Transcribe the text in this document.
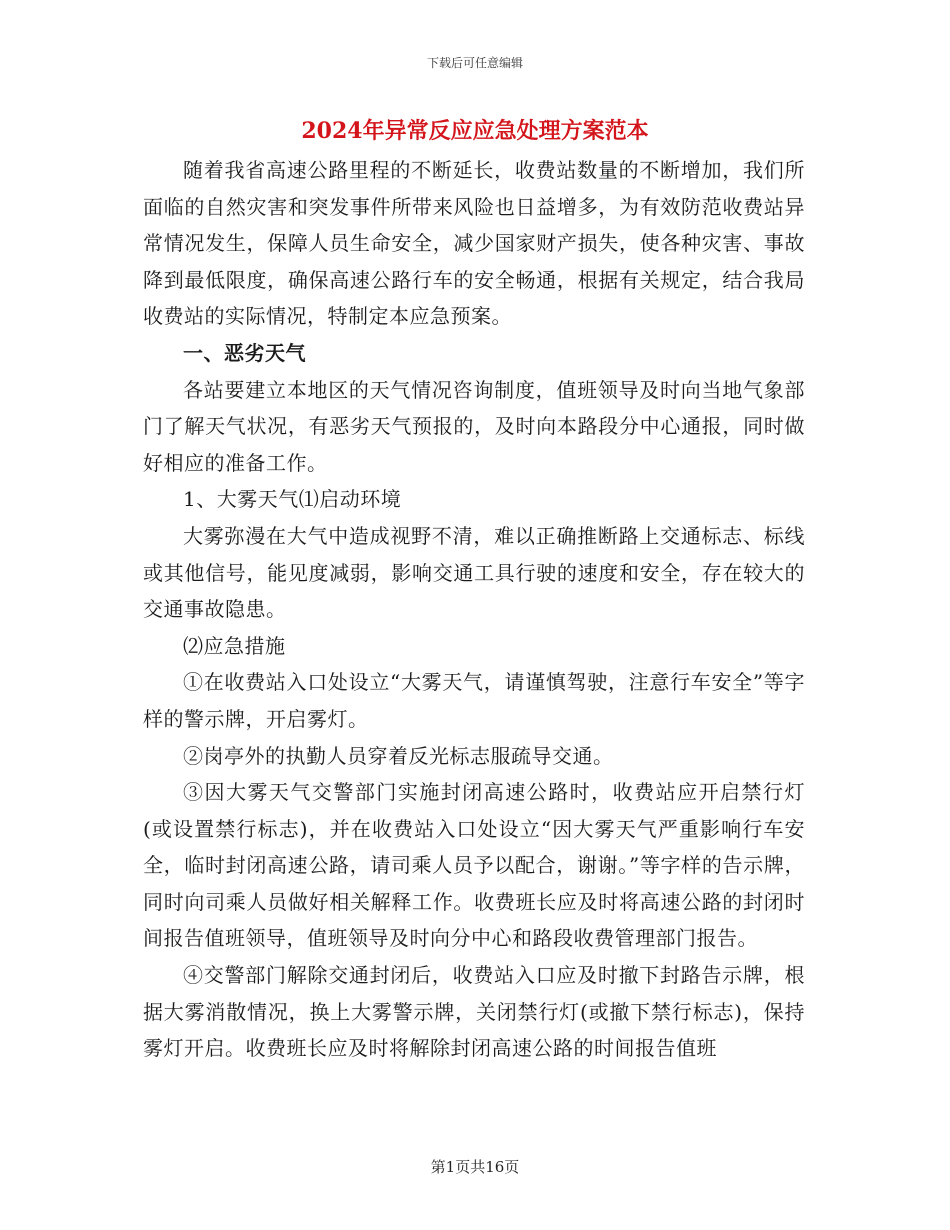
下载后可任意编辑
2024年异常反应应急处理方案范本

随着我省高速公路里程的不断延长，收费站数量的不断增加，我们所面临的自然灾害和突发事件所带来风险也日益增多，为有效防范收费站异常情况发生，保障人员生命安全，减少国家财产损失，使各种灾害、事故降到最低限度，确保高速公路行车的安全畅通，根据有关规定，结合我局收费站的实际情况，特制定本应急预案。

一、恶劣天气

各站要建立本地区的天气情况咨询制度，值班领导及时向当地气象部门了解天气状况，有恶劣天气预报的，及时向本路段分中心通报，同时做好相应的准备工作。

1、大雾天气⑴启动环境

大雾弥漫在大气中造成视野不清，难以正确推断路上交通标志、标线或其他信号，能见度减弱，影响交通工具行驶的速度和安全，存在较大的交通事故隐患。

⑵应急措施

①在收费站入口处设立“大雾天气，请谨慎驾驶，注意行车安全”等字样的警示牌，开启雾灯。

②岗亭外的执勤人员穿着反光标志服疏导交通。

③因大雾天气交警部门实施封闭高速公路时，收费站应开启禁行灯(或设置禁行标志)，并在收费站入口处设立“因大雾天气严重影响行车安全，临时封闭高速公路，请司乘人员予以配合，谢谢。”等字样的告示牌，同时向司乘人员做好相关解释工作。收费班长应及时将高速公路的封闭时间报告值班领导，值班领导及时向分中心和路段收费管理部门报告。

④交警部门解除交通封闭后，收费站入口应及时撤下封路告示牌，根据大雾消散情况，换上大雾警示牌，关闭禁行灯(或撤下禁行标志)，保持雾灯开启。收费班长应及时将解除封闭高速公路的时间报告值班

第1页共16页
